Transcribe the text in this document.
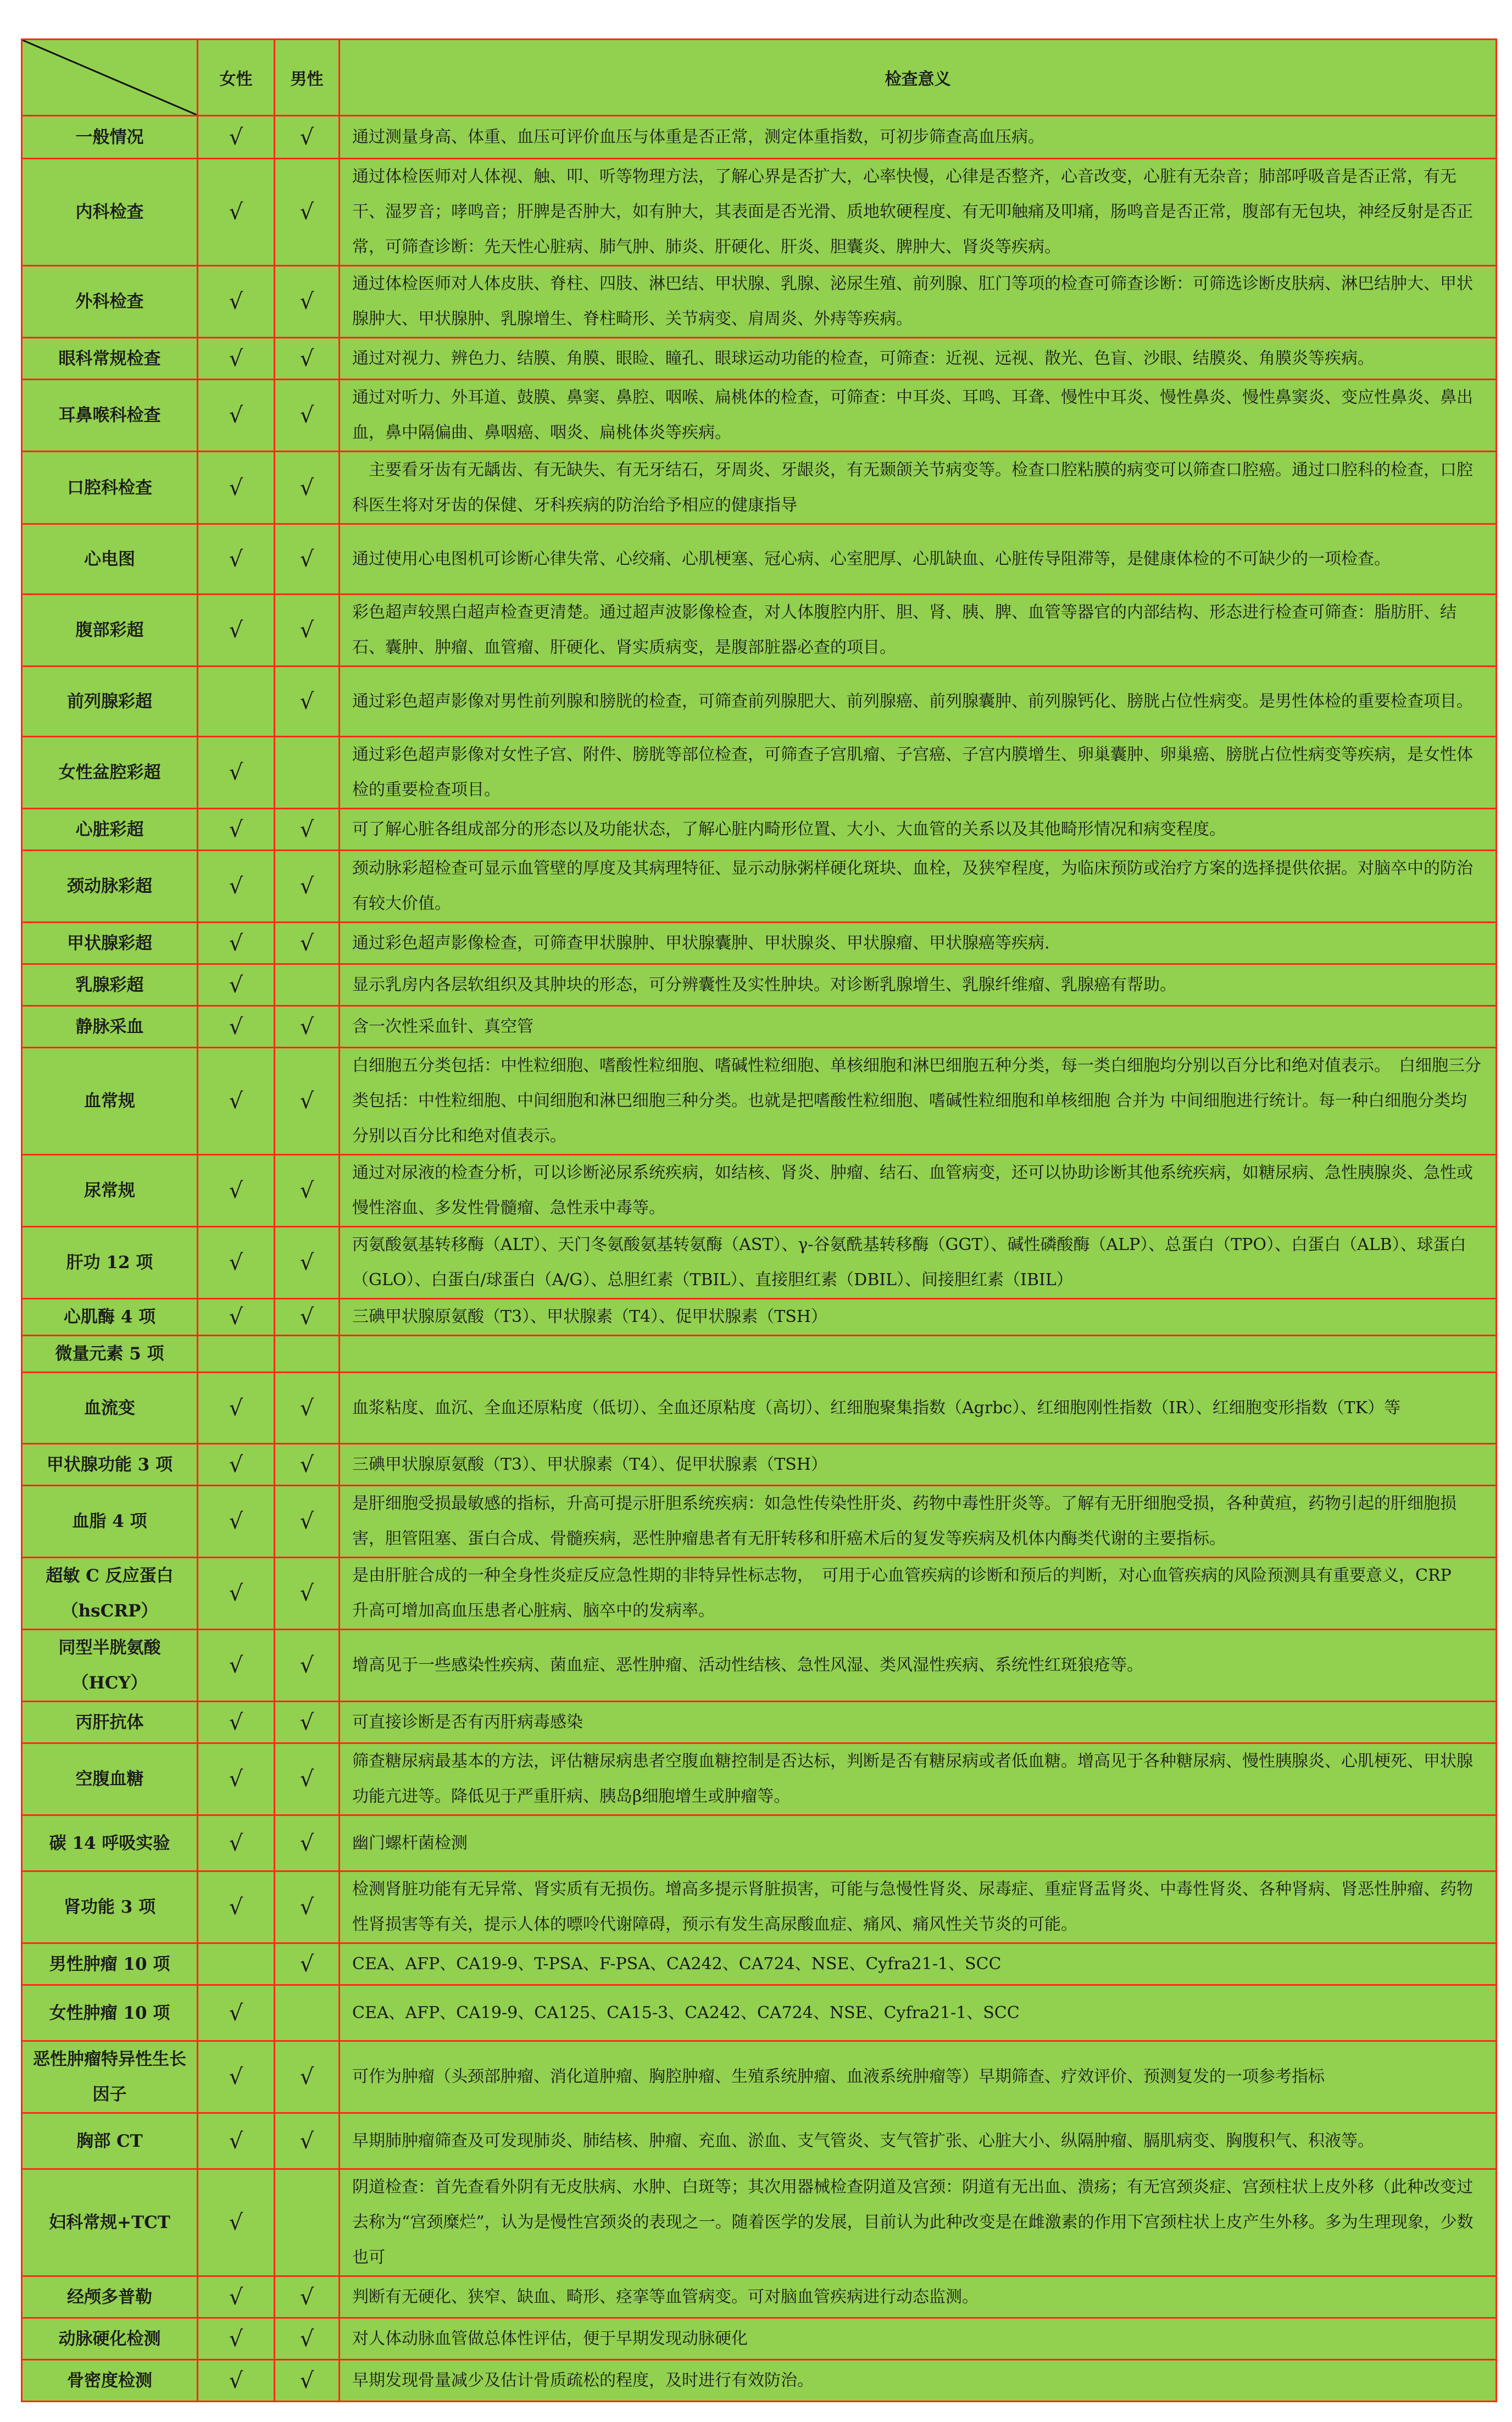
	女性	男性	检查意义
一般情况	√	√	通过测量身高、体重、血压可评价血压与体重是否正常，测定体重指数，可初步筛查高血压病。
内科检查	√	√	通过体检医师对人体视、触、叩、听等物理方法，了解心界是否扩大，心率快慢，心律是否整齐，心音改变，心脏有无杂音；肺部呼吸音是否正常，有无干、湿罗音；哮鸣音；肝脾是否肿大，如有肿大，其表面是否光滑、质地软硬程度、有无叩触痛及叩痛，肠鸣音是否正常，腹部有无包块，神经反射是否正常，可筛查诊断：先天性心脏病、肺气肿、肺炎、肝硬化、肝炎、胆囊炎、脾肿大、肾炎等疾病。
外科检查	√	√	通过体检医师对人体皮肤、脊柱、四肢、淋巴结、甲状腺、乳腺、泌尿生殖、前列腺、肛门等项的检查可筛查诊断：可筛选诊断皮肤病、淋巴结肿大、甲状腺肿大、甲状腺肿、乳腺增生、脊柱畸形、关节病变、肩周炎、外痔等疾病。
眼科常规检查	√	√	通过对视力、辨色力、结膜、角膜、眼睑、瞳孔、眼球运动功能的检查，可筛查：近视、远视、散光、色盲、沙眼、结膜炎、角膜炎等疾病。
耳鼻喉科检查	√	√	通过对听力、外耳道、鼓膜、鼻窦、鼻腔、咽喉、扁桃体的检查，可筛查：中耳炎、耳鸣、耳聋、慢性中耳炎、慢性鼻炎、慢性鼻窦炎、变应性鼻炎、鼻出血，鼻中隔偏曲、鼻咽癌、咽炎、扁桃体炎等疾病。
口腔科检查	√	√	　主要看牙齿有无龋齿、有无缺失、有无牙结石，牙周炎、牙龈炎，有无颞颌关节病变等。检查口腔粘膜的病变可以筛查口腔癌。通过口腔科的检查，口腔科医生将对牙齿的保健、牙科疾病的防治给予相应的健康指导
心电图	√	√	通过使用心电图机可诊断心律失常、心绞痛、心肌梗塞、冠心病、心室肥厚、心肌缺血、心脏传导阻滞等，是健康体检的不可缺少的一项检查。
腹部彩超	√	√	彩色超声较黑白超声检查更清楚。通过超声波影像检查，对人体腹腔内肝、胆、肾、胰、脾、血管等器官的内部结构、形态进行检查可筛查：脂肪肝、结石、囊肿、肿瘤、血管瘤、肝硬化、肾实质病变，是腹部脏器必查的项目。
前列腺彩超		√	通过彩色超声影像对男性前列腺和膀胱的检查，可筛查前列腺肥大、前列腺癌、前列腺囊肿、前列腺钙化、膀胱占位性病变。是男性体检的重要检查项目。
女性盆腔彩超	√		通过彩色超声影像对女性子宫、附件、膀胱等部位检查，可筛查子宫肌瘤、子宫癌、子宫内膜增生、卵巢囊肿、卵巢癌、膀胱占位性病变等疾病，是女性体检的重要检查项目。
心脏彩超	√	√	可了解心脏各组成部分的形态以及功能状态，了解心脏内畸形位置、大小、大血管的关系以及其他畸形情况和病变程度。
颈动脉彩超	√	√	颈动脉彩超检查可显示血管壁的厚度及其病理特征、显示动脉粥样硬化斑块、血栓，及狭窄程度，为临床预防或治疗方案的选择提供依据。对脑卒中的防治有较大价值。
甲状腺彩超	√	√	通过彩色超声影像检查，可筛查甲状腺肿、甲状腺囊肿、甲状腺炎、甲状腺瘤、甲状腺癌等疾病.
乳腺彩超	√		显示乳房内各层软组织及其肿块的形态，可分辨囊性及实性肿块。对诊断乳腺增生、乳腺纤维瘤、乳腺癌有帮助。
静脉采血	√	√	含一次性采血针、真空管
血常规	√	√	白细胞五分类包括：中性粒细胞、嗜酸性粒细胞、嗜碱性粒细胞、单核细胞和淋巴细胞五种分类，每一类白细胞均分别以百分比和绝对值表示。　白细胞三分类包括：中性粒细胞、中间细胞和淋巴细胞三种分类。也就是把嗜酸性粒细胞、嗜碱性粒细胞和单核细胞 合并为 中间细胞进行统计。每一种白细胞分类均分别以百分比和绝对值表示。
尿常规	√	√	通过对尿液的检查分析，可以诊断泌尿系统疾病，如结核、肾炎、肿瘤、结石、血管病变，还可以协助诊断其他系统疾病，如糖尿病、急性胰腺炎、急性或慢性溶血、多发性骨髓瘤、急性汞中毒等。
肝功 12 项	√	√	丙氨酸氨基转移酶（ALT）、天门冬氨酸氨基转氨酶（AST）、γ-谷氨酰基转移酶（GGT）、碱性磷酸酶（ALP）、总蛋白（TPO）、白蛋白（ALB）、球蛋白（GLO）、白蛋白/球蛋白（A/G）、总胆红素（TBIL）、直接胆红素（DBIL）、间接胆红素（IBIL）
心肌酶 4 项	√	√	三碘甲状腺原氨酸（T3）、甲状腺素（T4）、促甲状腺素（TSH）
微量元素 5 项			
血流变	√	√	血浆粘度、血沉、全血还原粘度（低切）、全血还原粘度（高切）、红细胞聚集指数（Agrbc）、红细胞刚性指数（IR）、红细胞变形指数（TK）等
甲状腺功能 3 项	√	√	三碘甲状腺原氨酸（T3）、甲状腺素（T4）、促甲状腺素（TSH）
血脂 4 项	√	√	是肝细胞受损最敏感的指标，升高可提示肝胆系统疾病：如急性传染性肝炎、药物中毒性肝炎等。了解有无肝细胞受损，各种黄疸，药物引起的肝细胞损害，胆管阻塞、蛋白合成、骨髓疾病，恶性肿瘤患者有无肝转移和肝癌术后的复发等疾病及机体内酶类代谢的主要指标。
超敏 C 反应蛋白（hsCRP）	√	√	是由肝脏合成的一种全身性炎症反应急性期的非特异性标志物，　可用于心血管疾病的诊断和预后的判断，对心血管疾病的风险预测具有重要意义，CRP　升高可增加高血压患者心脏病、脑卒中的发病率。
同型半胱氨酸（HCY）	√	√	增高见于一些感染性疾病、菌血症、恶性肿瘤、活动性结核、急性风湿、类风湿性疾病、系统性红斑狼疮等。
丙肝抗体	√	√	可直接诊断是否有丙肝病毒感染
空腹血糖	√	√	筛查糖尿病最基本的方法，评估糖尿病患者空腹血糖控制是否达标，判断是否有糖尿病或者低血糖。增高见于各种糖尿病、慢性胰腺炎、心肌梗死、甲状腺功能亢进等。降低见于严重肝病、胰岛β细胞增生或肿瘤等。
碳 14 呼吸实验	√	√	幽门螺杆菌检测
肾功能 3 项	√	√	检测肾脏功能有无异常、肾实质有无损伤。增高多提示肾脏损害，可能与急慢性肾炎、尿毒症、重症肾盂肾炎、中毒性肾炎、各种肾病、肾恶性肿瘤、药物性肾损害等有关，提示人体的嘌呤代谢障碍，预示有发生高尿酸血症、痛风、痛风性关节炎的可能。
男性肿瘤 10 项		√	CEA、AFP、CA19-9、T-PSA、F-PSA、CA242、CA724、NSE、Cyfra21-1、SCC
女性肿瘤 10 项	√		CEA、AFP、CA19-9、CA125、CA15-3、CA242、CA724、NSE、Cyfra21-1、SCC
恶性肿瘤特异性生长因子	√	√	可作为肿瘤（头颈部肿瘤、消化道肿瘤、胸腔肿瘤、生殖系统肿瘤、血液系统肿瘤等）早期筛查、疗效评价、预测复发的一项参考指标
胸部 CT	√	√	早期肺肿瘤筛查及可发现肺炎、肺结核、肿瘤、充血、淤血、支气管炎、支气管扩张、心脏大小、纵隔肿瘤、膈肌病变、胸腹积气、积液等。
妇科常规+TCT	√		阴道检查：首先查看外阴有无皮肤病、水肿、白斑等；其次用器械检查阴道及宫颈：阴道有无出血、溃疡；有无宫颈炎症、宫颈柱状上皮外移（此种改变过去称为“宫颈糜烂”，认为是慢性宫颈炎的表现之一。随着医学的发展，目前认为此种改变是在雌激素的作用下宫颈柱状上皮产生外移。多为生理现象，少数也可
经颅多普勒	√	√	判断有无硬化、狭窄、缺血、畸形、痉挛等血管病变。可对脑血管疾病进行动态监测。
动脉硬化检测	√	√	对人体动脉血管做总体性评估，便于早期发现动脉硬化
骨密度检测	√	√	早期发现骨量减少及估计骨质疏松的程度，及时进行有效防治。
